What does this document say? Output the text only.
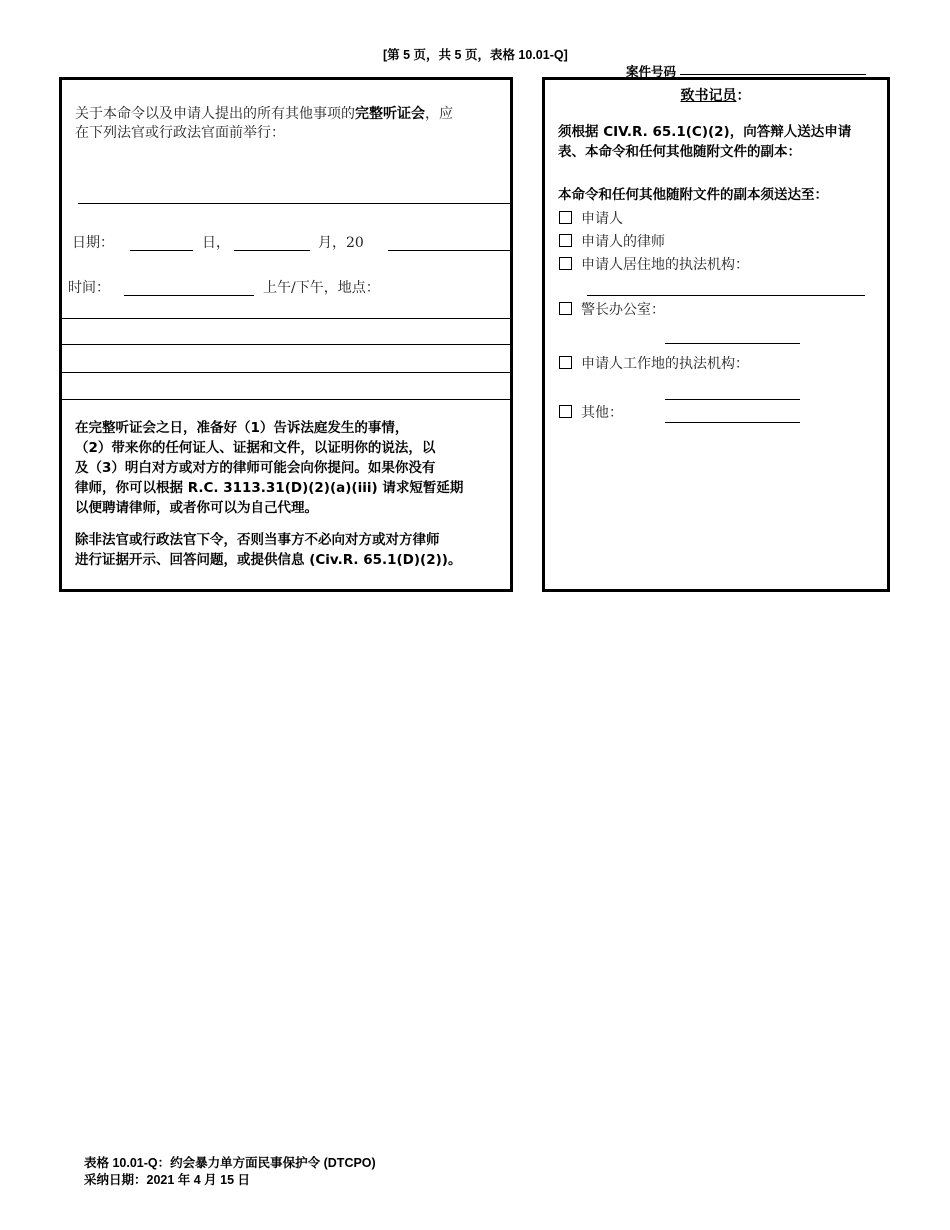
[第 5 页，共 5 页，表格 10.01-Q]
案件号码
关于本命令以及申请人提出的所有其他事项的完整听证会，应
在下列法官或行政法官面前举行：
日期：	日，	月，20
时间：	上午/下午，地点：
在完整听证会之日，准备好（1）告诉法庭发生的事情，
（2）带来你的任何证人、证据和文件，以证明你的说法，以
及（3）明白对方或对方的律师可能会向你提问。如果你没有
律师，你可以根据 R.C. 3113.31(D)(2)(a)(iii) 请求短暂延期
以便聘请律师，或者你可以为自己代理。
除非法官或行政法官下令，否则当事方不必向对方或对方律师
进行证据开示、回答问题，或提供信息 (Civ.R. 65.1(D)(2))。
致书记员：
须根据 CIV.R. 65.1(C)(2)，向答辩人送达申请
表、本命令和任何其他随附文件的副本：
本命令和任何其他随附文件的副本须送达至：
申请人
申请人的律师
申请人居住地的执法机构：
警长办公室：
申请人工作地的执法机构：
其他：
表格 10.01-Q：约会暴力单方面民事保护令 (DTCPO)
采纳日期：2021 年 4 月 15 日
